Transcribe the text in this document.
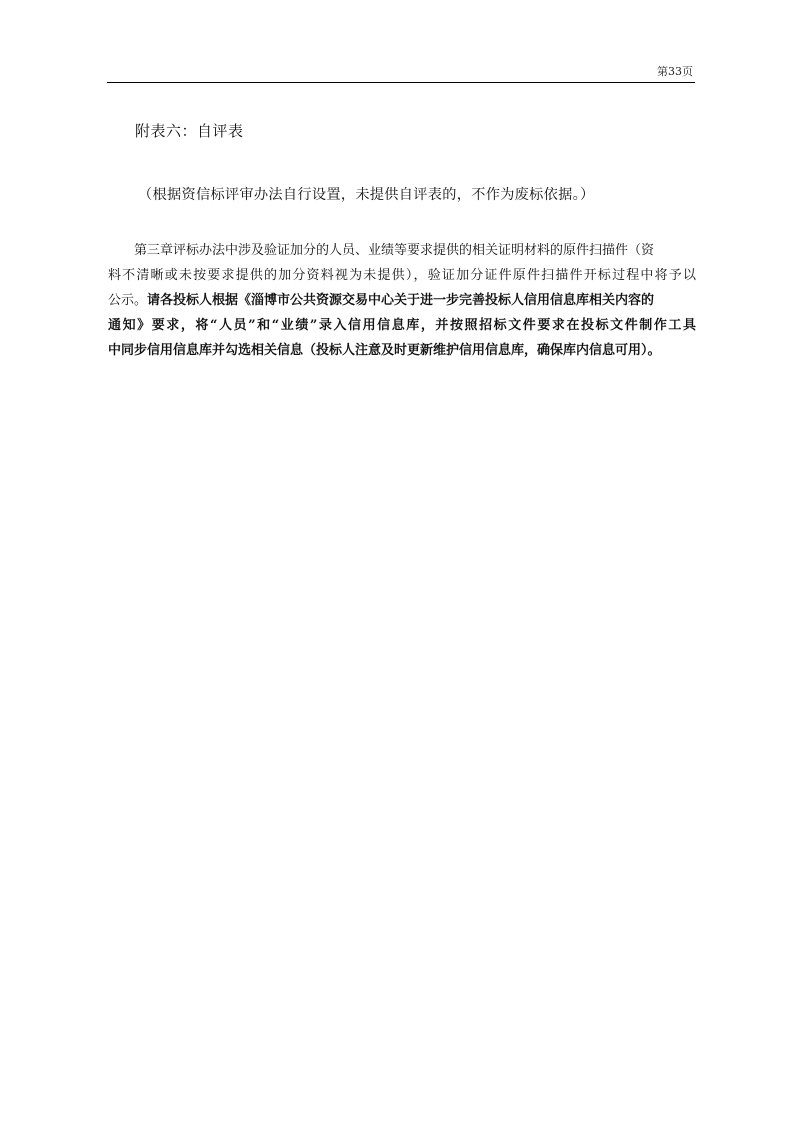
第33页
附表六：自评表
（根据资信标评审办法自行设置，未提供自评表的，不作为废标依据。）
第三章评标办法中涉及验证加分的人员、业绩等要求提供的相关证明材料的原件扫描件（资
料不清晰或未按要求提供的加分资料视为未提供），验证加分证件原件扫描件开标过程中将予以
公示。请各投标人根据《淄博市公共资源交易中心关于进一步完善投标人信用信息库相关内容的
通知》要求，将“人员”和“业绩”录入信用信息库，并按照招标文件要求在投标文件制作工具
中同步信用信息库并勾选相关信息（投标人注意及时更新维护信用信息库，确保库内信息可用）。
